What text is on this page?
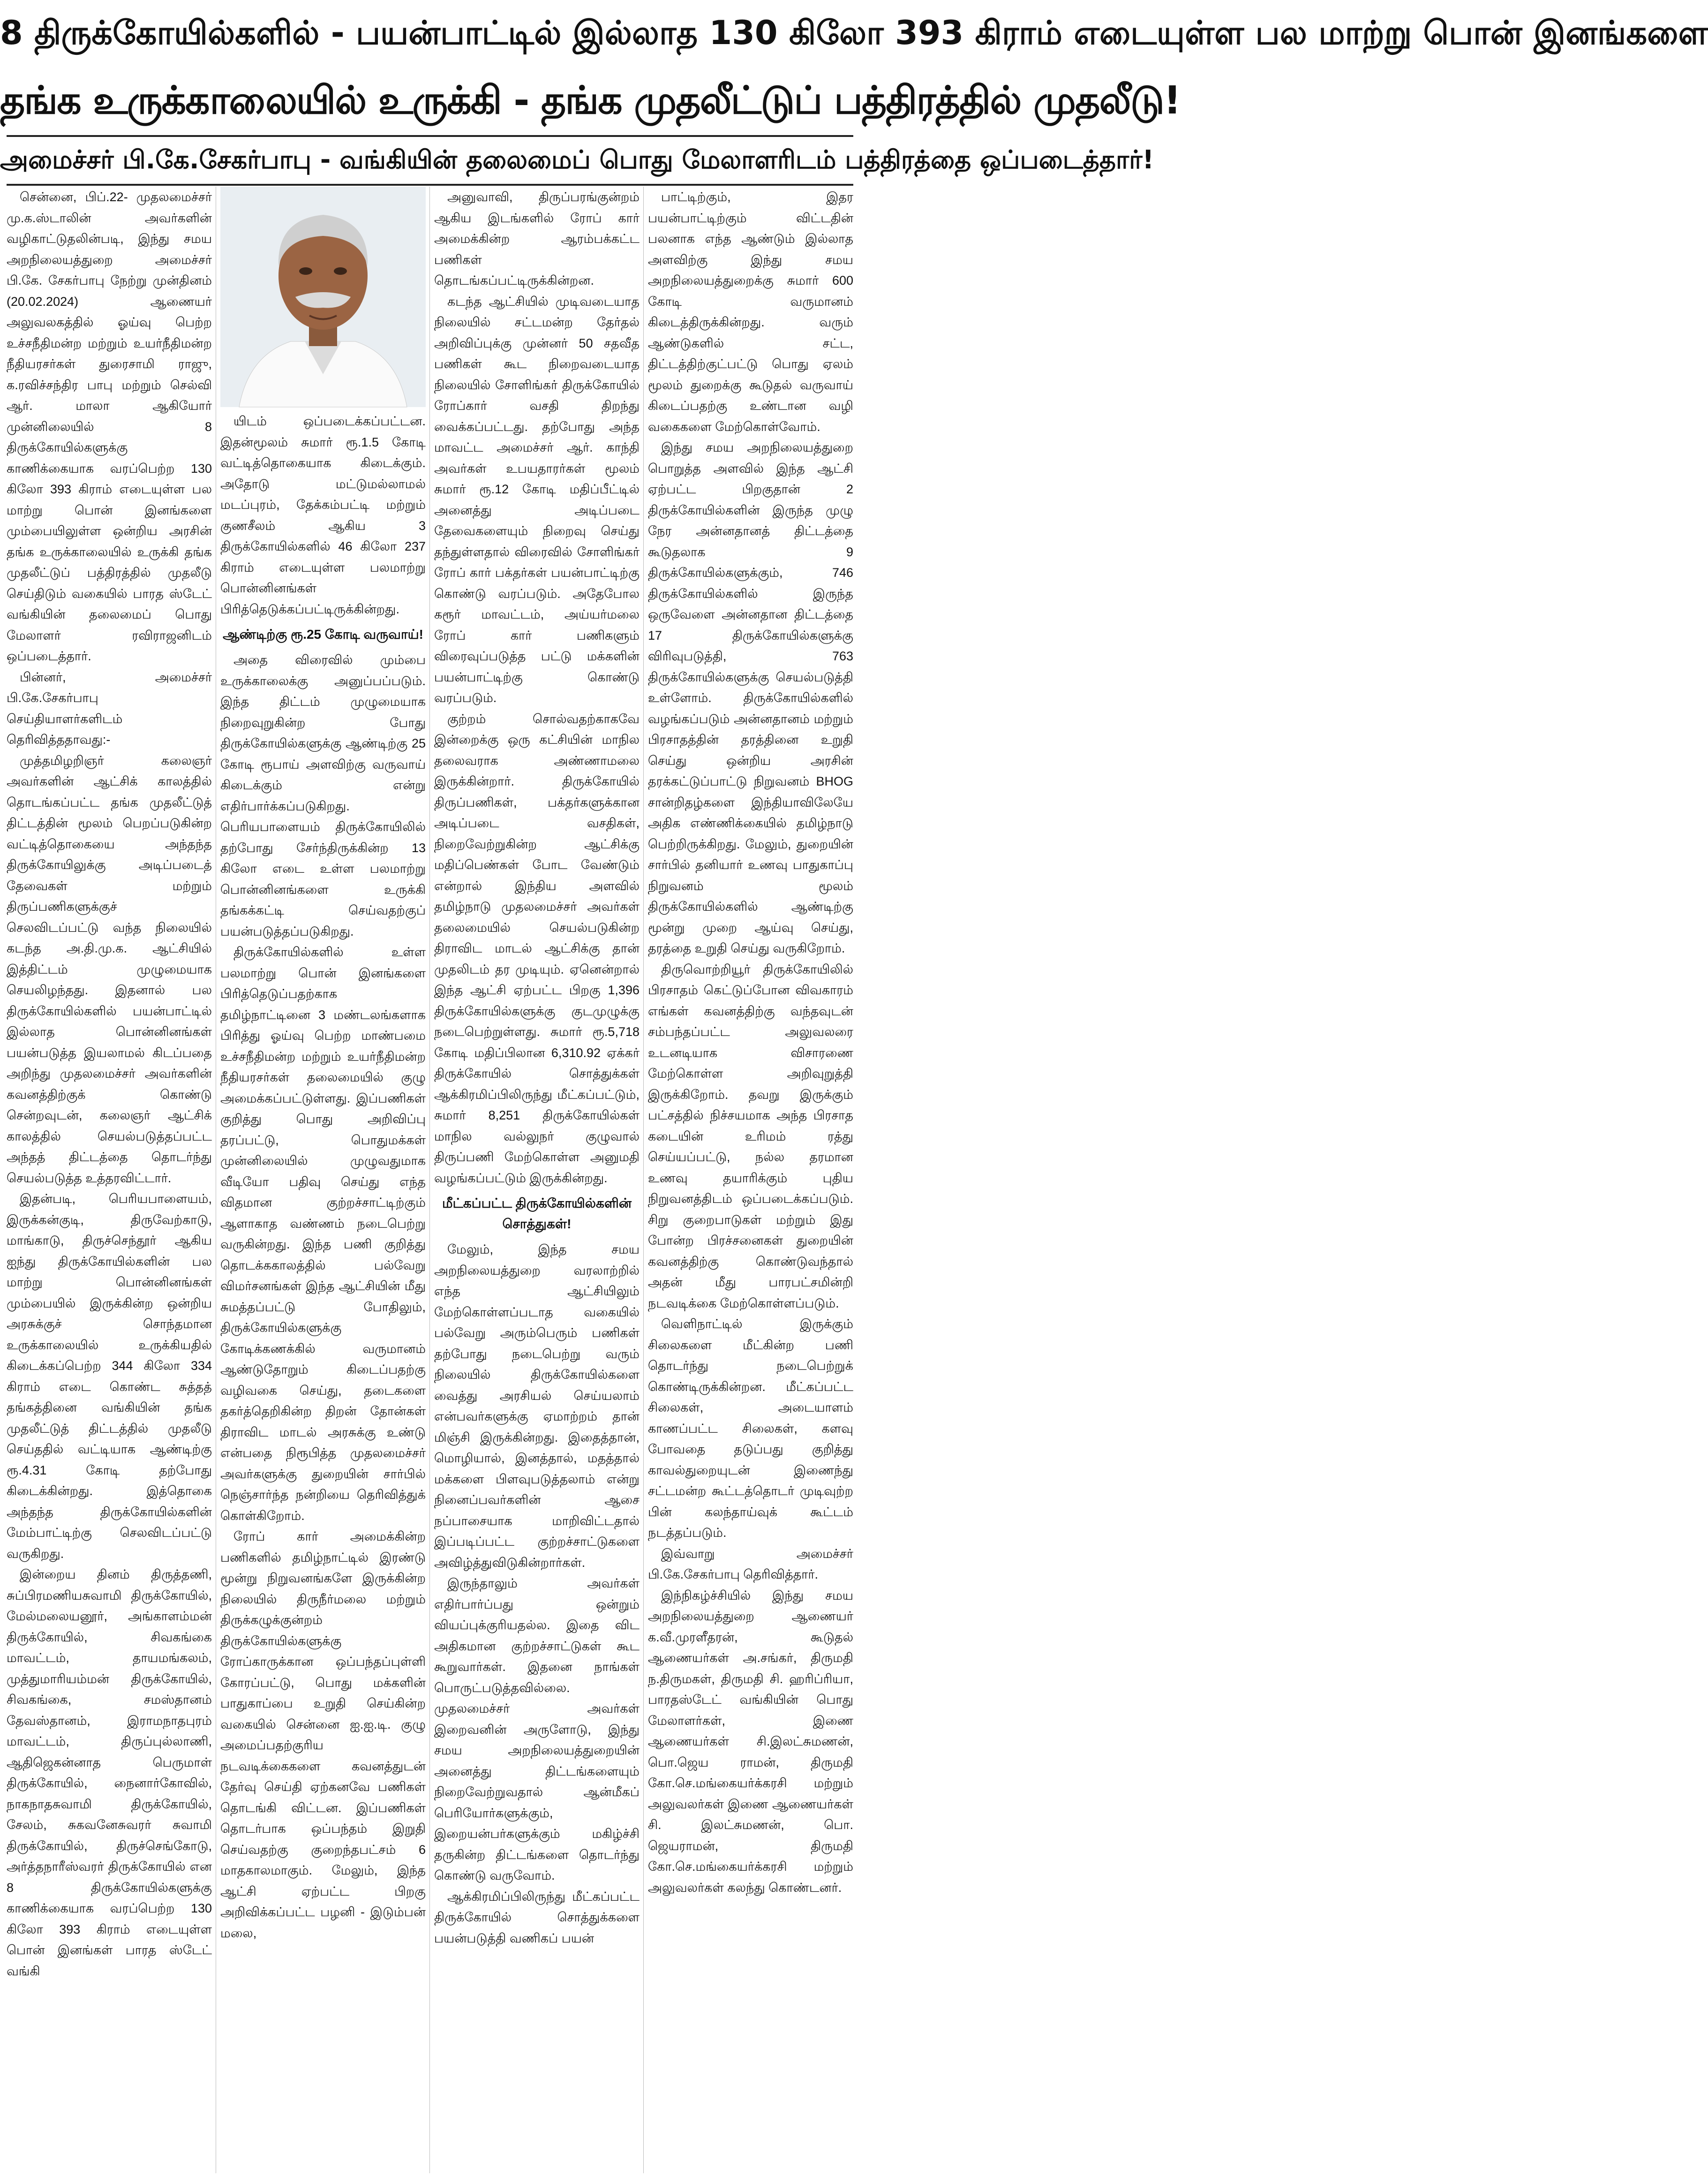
8 திருக்கோயில்களில் - பயன்பாட்டில் இல்லாத 130 கிலோ 393 கிராம் எடையுள்ள பல மாற்று பொன் இனங்களை
தங்க உருக்காலையில் உருக்கி - தங்க முதலீட்டுப் பத்திரத்தில் முதலீடு!
அமைச்சர் பி.கே.சேகர்பாபு - வங்கியின் தலைமைப் பொது மேலாளரிடம் பத்திரத்தை ஒப்படைத்தார்!

சென்னை, பிப்.22- முதலமைச்சர் மு.க.ஸ்டாலின் அவர்களின் வழிகாட்டுதலின்படி, இந்து சமய அறநிலையத்துறை அமைச்சர் பி.கே. சேகர்பாபு நேற்று முன்தினம் (20.02.2024) ஆணையர் அலுவலகத்தில் ஓய்வு பெற்ற உச்சநீதிமன்ற மற்றும் உயர்நீதிமன்ற நீதியரசர்கள் துரைசாமி ராஜு, க.ரவிச்சந்திர பாபு மற்றும் செல்வி ஆர். மாலா ஆகியோர் முன்னிலையில் 8 திருக்கோயில்களுக்கு காணிக்கையாக வரப்பெற்ற 130 கிலோ 393 கிராம் எடையுள்ள பல மாற்று பொன் இனங்களை மும்பையிலுள்ள ஒன்றிய அரசின் தங்க உருக்காலையில் உருக்கி தங்க முதலீட்டுப் பத்திரத்தில் முதலீடு செய்திடும் வகையில் பாரத ஸ்டேட் வங்கியின் தலைமைப் பொது மேலாளர் ரவிராஜனிடம் ஒப்படைத்தார்.

பின்னர், அமைச்சர் பி.கே.சேகர்பாபு செய்தியாளர்களிடம் தெரிவித்ததாவது:-

முத்தமிழறிஞர் கலைஞர் அவர்களின் ஆட்சிக் காலத்தில் தொடங்கப்பட்ட தங்க முதலீட்டுத் திட்டத்தின் மூலம் பெறப்படுகின்ற வட்டித்தொகையை அந்தந்த திருக்கோயிலுக்கு அடிப்படைத் தேவைகள் மற்றும் திருப்பணிகளுக்குச் செலவிடப்பட்டு வந்த நிலையில் கடந்த அ.தி.மு.க. ஆட்சியில் இத்திட்டம் முழுமையாக செயலிழந்தது. இதனால் பல திருக்கோயில்களில் பயன்பாட்டில் இல்லாத பொன்னினங்கள் பயன்படுத்த இயலாமல் கிடப்பதை அறிந்து முதலமைச்சர் அவர்களின் கவனத்திற்குக் கொண்டு சென்றவுடன், கலைஞர் ஆட்சிக் காலத்தில் செயல்படுத்தப்பட்ட அந்தத் திட்டத்தை தொடர்ந்து செயல்படுத்த உத்தரவிட்டார்.

இதன்படி, பெரியபாளையம், இருக்கன்குடி, திருவேற்காடு, மாங்காடு, திருச்செந்தூர் ஆகிய ஐந்து திருக்கோயில்களின் பல மாற்று பொன்னினங்கள் மும்பையில் இருக்கின்ற ஒன்றிய அரசுக்குச் சொந்தமான உருக்காலையில் உருக்கியதில் கிடைக்கப்பெற்ற 344 கிலோ 334 கிராம் எடை கொண்ட சுத்தத் தங்கத்தினை வங்கியின் தங்க முதலீட்டுத் திட்டத்தில் முதலீடு செய்ததில் வட்டியாக ஆண்டிற்கு ரூ.4.31 கோடி தற்போது கிடைக்கின்றது. இத்தொகை அந்தந்த திருக்கோயில்களின் மேம்பாட்டிற்கு செலவிடப்பட்டு வருகிறது.

இன்றைய தினம் திருத்தணி, சுப்பிரமணியசுவாமி திருக்கோயில், மேல்மலையனூர், அங்காளம்மன் திருக்கோயில், சிவகங்கை மாவட்டம், தாயமங்கலம், முத்துமாரியம்மன் திருக்கோயில், சிவகங்கை, சமஸ்தானம் தேவஸ்தானம், இராமநாதபுரம் மாவட்டம், திருப்புல்லாணி, ஆதிஜெகன்னாத பெருமாள் திருக்கோயில், நைனார்கோவில், நாகநாதசுவாமி திருக்கோயில், சேலம், சுகவனேசுவரர் சுவாமி திருக்கோயில், திருச்செங்கோடு, அர்த்தநாரீஸ்வரர் திருக்கோயில் என 8 திருக்கோயில்களுக்கு காணிக்கையாக வரப்பெற்ற 130 கிலோ 393 கிராம் எடையுள்ள பொன் இனங்கள் பாரத ஸ்டேட் வங்கி

யிடம் ஒப்படைக்கப்பட்டன. இதன்மூலம் சுமார் ரூ.1.5 கோடி வட்டித்தொகையாக கிடைக்கும். அதோடு மட்டுமல்லாமல் மடப்புரம், தேக்கம்பட்டி மற்றும் குணசீலம் ஆகிய 3 திருக்கோயில்களில் 46 கிலோ 237 கிராம் எடையுள்ள பலமாற்று பொன்னினங்கள் பிரித்தெடுக்கப்பட்டிருக்கின்றது.

ஆண்டிற்கு ரூ.25 கோடி வருவாய்!

அதை விரைவில் மும்பை உருக்காலைக்கு அனுப்பப்படும். இந்த திட்டம் முழுமையாக நிறைவுறுகின்ற போது திருக்கோயில்களுக்கு ஆண்டிற்கு 25 கோடி ரூபாய் அளவிற்கு வருவாய் கிடைக்கும் என்று எதிர்பார்க்கப்படுகிறது. பெரியபாளையம் திருக்கோயிலில் தற்போது சேர்ந்திருக்கின்ற 13 கிலோ எடை உள்ள பலமாற்று பொன்னினங்களை உருக்கி தங்கக்கட்டி செய்வதற்குப் பயன்படுத்தப்படுகிறது.

திருக்கோயில்களில் உள்ள பலமாற்று பொன் இனங்களை பிரித்தெடுப்பதற்காக தமிழ்நாட்டினை 3 மண்டலங்களாக பிரித்து ஓய்வு பெற்ற மாண்பமை உச்சநீதிமன்ற மற்றும் உயர்நீதிமன்ற நீதியரசர்கள் தலைமையில் குழு அமைக்கப்பட்டுள்ளது. இப்பணிகள் குறித்து பொது அறிவிப்பு தரப்பட்டு, பொதுமக்கள் முன்னிலையில் முழுவதுமாக வீடியோ பதிவு செய்து எந்த விதமான குற்றச்சாட்டிற்கும் ஆளாகாத வண்ணம் நடைபெற்று வருகின்றது. இந்த பணி குறித்து தொடக்ககாலத்தில் பல்வேறு விமர்சனங்கள் இந்த ஆட்சியின் மீது சுமத்தப்பட்டு போதிலும், திருக்கோயில்களுக்கு கோடிக்கணக்கில் வருமானம் ஆண்டுதோறும் கிடைப்பதற்கு வழிவகை செய்து, தடைகளை தகர்த்தெறிகின்ற திறன் தோன்கள் திராவிட மாடல் அரசுக்கு உண்டு என்பதை நிரூபித்த முதலமைச்சர் அவர்களுக்கு துறையின் சார்பில் நெஞ்சார்ந்த நன்றியை தெரிவித்துக் கொள்கிறோம்.

ரோப் கார் அமைக்கின்ற பணிகளில் தமிழ்நாட்டில் இரண்டு மூன்று நிறுவனங்களே இருக்கின்ற நிலையில் திருநீர்மலை மற்றும் திருக்கழுக்குன்றம் திருக்கோயில்களுக்கு ரோப்காருக்கான ஒப்பந்தப்புள்ளி கோரப்பட்டு, பொது மக்களின் பாதுகாப்பை உறுதி செய்கின்ற வகையில் சென்னை ஐ.ஐ.டி. குழு அமைப்பதற்குரிய நடவடிக்கைகளை கவனத்துடன் தேர்வு செய்தி ஏற்கனவே பணிகள் தொடங்கி விட்டன. இப்பணிகள் தொடர்பாக ஒப்பந்தம் இறுதி செய்வதற்கு குறைந்தபட்சம் 6 மாதகாலமாகும். மேலும், இந்த ஆட்சி ஏற்பட்ட பிறகு அறிவிக்கப்பட்ட பழனி - இடும்பன் மலை,

அனுவாவி, திருப்பரங்குன்றம் ஆகிய இடங்களில் ரோப் கார் அமைக்கின்ற ஆரம்பக்கட்ட பணிகள் தொடங்கப்பட்டிருக்கின்றன.

கடந்த ஆட்சியில் முடிவடையாத நிலையில் சட்டமன்ற தேர்தல் அறிவிப்புக்கு முன்னர் 50 சதவீத பணிகள் கூட நிறைவடையாத நிலையில் சோளிங்கர் திருக்கோயில் ரோப்கார் வசதி திறந்து வைக்கப்பட்டது. தற்போது அந்த மாவட்ட அமைச்சர் ஆர். காந்தி அவர்கள் உபயதாரர்கள் மூலம் சுமார் ரூ.12 கோடி மதிப்பீட்டில் அனைத்து அடிப்படை தேவைகளையும் நிறைவு செய்து தந்துள்ளதால் விரைவில் சோளிங்கர் ரோப் கார் பக்தர்கள் பயன்பாட்டிற்கு கொண்டு வரப்படும். அதேபோல கரூர் மாவட்டம், அய்யர்மலை ரோப் கார் பணிகளும் விரைவுப்படுத்த பட்டு மக்களின் பயன்பாட்டிற்கு கொண்டு வரப்படும்.

குற்றம் சொல்வதற்காகவே இன்றைக்கு ஒரு கட்சியின் மாநில தலைவராக அண்ணாமலை இருக்கின்றார். திருக்கோயில் திருப்பணிகள், பக்தர்களுக்கான அடிப்படை வசதிகள், நிறைவேற்றுகின்ற ஆட்சிக்கு மதிப்பெண்கள் போட வேண்டும் என்றால் இந்திய அளவில் தமிழ்நாடு முதலமைச்சர் அவர்கள் தலைமையில் செயல்படுகின்ற திராவிட மாடல் ஆட்சிக்கு தான் முதலிடம் தர முடியும். ஏனென்றால் இந்த ஆட்சி ஏற்பட்ட பிறகு 1,396 திருக்கோயில்களுக்கு குடமுழுக்கு நடைபெற்றுள்ளது. சுமார் ரூ.5,718 கோடி மதிப்பிலான 6,310.92 ஏக்கர் திருக்கோயில் சொத்துக்கள் ஆக்கிரமிப்பிலிருந்து மீட்கப்பட்டும், சுமார் 8,251 திருக்கோயில்கள் மாநில வல்லுநர் குழுவால் திருப்பணி மேற்கொள்ள அனுமதி வழங்கப்பட்டும் இருக்கின்றது.

மீட்கப்பட்ட திருக்கோயில்களின் சொத்துகள்!

மேலும், இந்த சமய அறநிலையத்துறை வரலாற்றில் எந்த ஆட்சியிலும் மேற்கொள்ளப்படாத வகையில் பல்வேறு அரும்பெரும் பணிகள் தற்போது நடைபெற்று வரும் நிலையில் திருக்கோயில்களை வைத்து அரசியல் செய்யலாம் என்பவர்களுக்கு ஏமாற்றம் தான் மிஞ்சி இருக்கின்றது. இதைத்தான், மொழியால், இனத்தால், மதத்தால் மக்களை பிளவுபடுத்தலாம் என்று நினைப்பவர்களின் ஆசை நப்பாசையாக மாறிவிட்டதால் இப்படிப்பட்ட குற்றச்சாட்டுகளை அவிழ்த்துவிடுகின்றார்கள்.

இருந்தாலும் அவர்கள் எதிர்பார்ப்பது ஒன்றும் வியப்புக்குரியதல்ல. இதை விட அதிகமான குற்றச்சாட்டுகள் கூட கூறுவார்கள். இதனை நாங்கள் பொருட்படுத்தவில்லை. முதலமைச்சர் அவர்கள் இறைவனின் அருளோடு, இந்து சமய அறநிலையத்துறையின் அனைத்து திட்டங்களையும் நிறைவேற்றுவதால் ஆன்மீகப் பெரியோர்களுக்கும், இறையன்பர்களுக்கும் மகிழ்ச்சி தருகின்ற திட்டங்களை தொடர்ந்து கொண்டு வருவோம்.

ஆக்கிரமிப்பிலிருந்து மீட்கப்பட்ட திருக்கோயில் சொத்துக்களை பயன்படுத்தி வணிகப் பயன்

பாட்டிற்கும், இதர பயன்பாட்டிற்கும் விட்டதின் பலனாக எந்த ஆண்டும் இல்லாத அளவிற்கு இந்து சமய அறநிலையத்துறைக்கு சுமார் 600 கோடி வருமானம் கிடைத்திருக்கின்றது. வரும் ஆண்டுகளில் சட்ட, திட்டத்திற்குட்பட்டு பொது ஏலம் மூலம் துறைக்கு கூடுதல் வருவாய் கிடைப்பதற்கு உண்டான வழி வகைகளை மேற்கொள்வோம்.

இந்து சமய அறநிலையத்துறை பொறுத்த அளவில் இந்த ஆட்சி ஏற்பட்ட பிறகுதான் 2 திருக்கோயில்களின் இருந்த முழு நேர அன்னதானத் திட்டத்தை கூடுதலாக 9 திருக்கோயில்களுக்கும், 746 திருக்கோயில்களில் இருந்த ஒருவேளை அன்னதான திட்டத்தை 17 திருக்கோயில்களுக்கு விரிவுபடுத்தி, 763 திருக்கோயில்களுக்கு செயல்படுத்தி உள்ளோம். திருக்கோயில்களில் வழங்கப்படும் அன்னதானம் மற்றும் பிரசாதத்தின் தரத்தினை உறுதி செய்து ஒன்றிய அரசின் தரக்கட்டுப்பாட்டு நிறுவனம் BHOG சான்றிதழ்களை இந்தியாவிலேயே அதிக எண்ணிக்கையில் தமிழ்நாடு பெற்றிருக்கிறது. மேலும், துறையின் சார்பில் தனியார் உணவு பாதுகாப்பு நிறுவனம் மூலம் திருக்கோயில்களில் ஆண்டிற்கு மூன்று முறை ஆய்வு செய்து, தரத்தை உறுதி செய்து வருகிறோம்.

திருவொற்றியூர் திருக்கோயிலில் பிரசாதம் கெட்டுப்போன விவகாரம் எங்கள் கவனத்திற்கு வந்தவுடன் சம்பந்தப்பட்ட அலுவலரை உடனடியாக விசாரணை மேற்கொள்ள அறிவுறுத்தி இருக்கிறோம். தவறு இருக்கும் பட்சத்தில் நிச்சயமாக அந்த பிரசாத கடையின் உரிமம் ரத்து செய்யப்பட்டு, நல்ல தரமான உணவு தயாரிக்கும் புதிய நிறுவனத்திடம் ஒப்படைக்கப்படும். சிறு குறைபாடுகள் மற்றும் இது போன்ற பிரச்சனைகள் துறையின் கவனத்திற்கு கொண்டுவந்தால் அதன் மீது பாரபட்சமின்றி நடவடிக்கை மேற்கொள்ளப்படும்.

வெளிநாட்டில் இருக்கும் சிலைகளை மீட்கின்ற பணி தொடர்ந்து நடைபெற்றுக் கொண்டிருக்கின்றன. மீட்கப்பட்ட சிலைகள், அடையாளம் காணப்பட்ட சிலைகள், களவு போவதை தடுப்பது குறித்து காவல்துறையுடன் இணைந்து சட்டமன்ற கூட்டத்தொடர் முடிவுற்ற பின் கலந்தாய்வுக் கூட்டம் நடத்தப்படும்.

இவ்வாறு அமைச்சர் பி.கே.சேகர்பாபு தெரிவித்தார்.

இந்நிகழ்ச்சியில் இந்து சமய அறநிலையத்துறை ஆணையர் க.வீ.முரளீதரன், கூடுதல் ஆணையர்கள் அ.சங்கர், திருமதி ந.திருமகள், திருமதி சி. ஹரிப்ரியா, பாரதஸ்டேட் வங்கியின் பொது மேலாளர்கள், இணை ஆணையர்கள் சி.இலட்சுமணன், பொ.ஜெய ராமன், திருமதி கோ.செ.மங்கையர்க்கரசி மற்றும் அலுவலர்கள் இணை ஆணையர்கள் சி. இலட்சுமணன், பொ. ஜெயராமன், திருமதி கோ.செ.மங்கையர்க்கரசி மற்றும் அலுவலர்கள் கலந்து கொண்டனர்.
